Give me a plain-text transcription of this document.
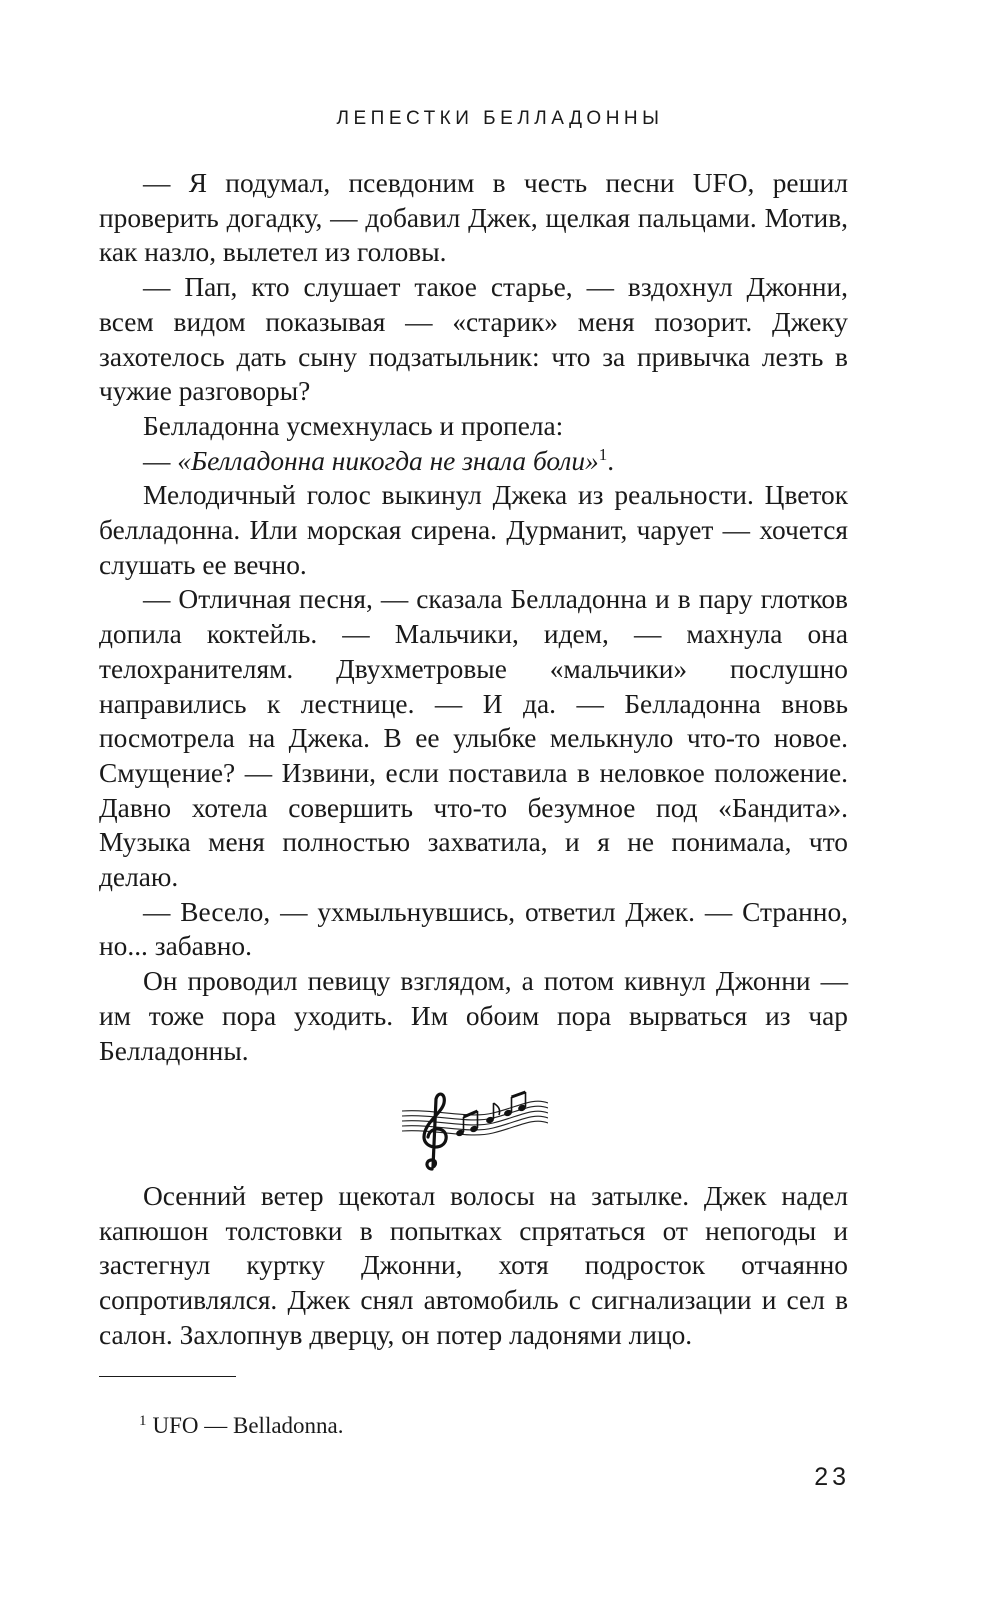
ЛЕПЕСТКИ БЕЛЛАДОННЫ

— Я подумал, псевдоним в честь песни UFO, решил проверить догадку, — добавил Джек, щелкая пальцами. Мотив, как назло, вылетел из головы.

— Пап, кто слушает такое старье, — вздохнул Джонни, всем видом показывая — «старик» меня позорит. Джеку захотелось дать сыну подзатыльник: что за привычка лезть в чужие разговоры?

Белладонна усмехнулась и пропела:

— «Белладонна никогда не знала боли»$^1$.

Мелодичный голос выкинул Джека из реальности. Цветок белладонна. Или морская сирена. Дурманит, чарует — хочется слушать ее вечно.

— Отличная песня, — сказала Белладонна и в пару глотков допила коктейль. — Мальчики, идем, — махнула она телохранителям. Двухметровые «мальчики» послушно направились к лестнице. — И да. — Белладонна вновь посмотрела на Джека. В ее улыбке мелькнуло что-то новое. Смущение? — Извини, если поставила в неловкое положение. Давно хотела совершить что-то безумное под «Бандита». Музыка меня полностью захватила, и я не понимала, что делаю.

— Весело, — ухмыльнувшись, ответил Джек. — Странно, но... забавно.

Он проводил певицу взглядом, а потом кивнул Джонни — им тоже пора уходить. Им обоим пора вырваться из чар Белладонны.

Осенний ветер щекотал волосы на затылке. Джек надел капюшон толстовки в попытках спрятаться от непогоды и застегнул куртку Джонни, хотя подросток отчаянно сопротивлялся. Джек снял автомобиль с сигнализации и сел в салон. Захлопнув дверцу, он потер ладонями лицо.

$^1$ UFO — Belladonna.
23
